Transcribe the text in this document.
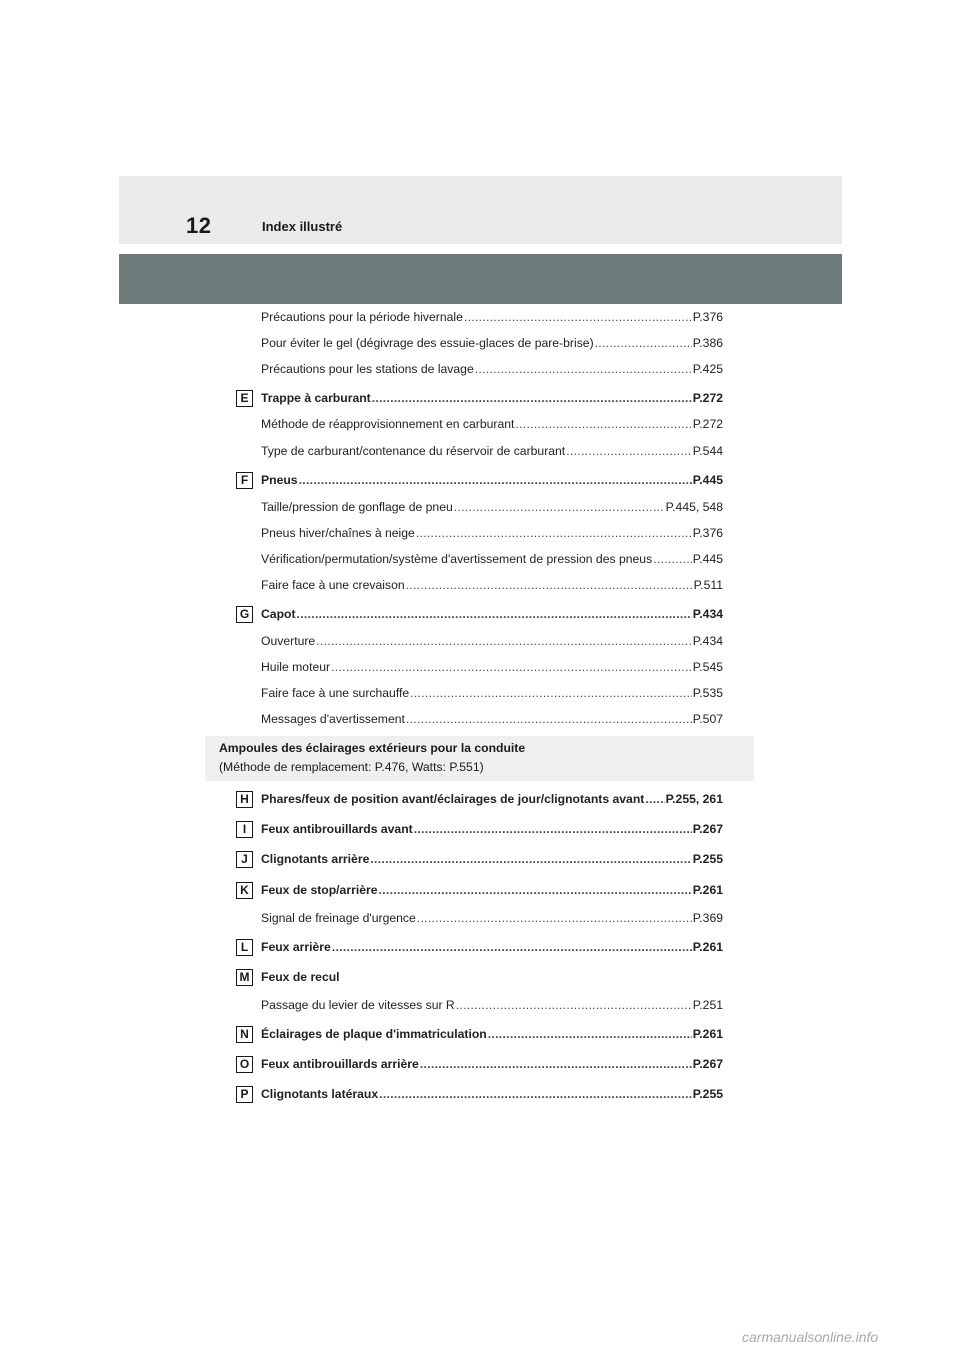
12	Index illustré
Ampoules des éclairages extérieurs pour la conduite
(Méthode de remplacement: P.476, Watts: P.551)
Précautions pour la période hivernale .....	P.376
Pour éviter le gel (dégivrage des essuie-glaces de pare-brise) .....	P.386
Précautions pour les stations de lavage .....	P.425
E	Trappe à carburant .....	P.272
Méthode de réapprovisionnement en carburant .....	P.272
Type de carburant/contenance du réservoir de carburant .....	P.544
F	Pneus .....	P.445
Taille/pression de gonflage de pneu .....	P.445, 548
Pneus hiver/chaînes à neige .....	P.376
Vérification/permutation/système d'avertissement de pression des pneus .....	P.445
Faire face à une crevaison .....	P.511
G Capot .....	P.434
Ouverture .....	P.434
Huile moteur .....	P.545
Faire face à une surchauffe .....	P.535
Messages d'avertissement .....	P.507
H Phares/feux de position avant/éclairages de jour/clignotants avant ..... P.255, 261
I	Feux antibrouillards avant .....	P.267
J	Clignotants arrière .....	P.255
K Feux de stop/arrière .....	P.261
Signal de freinage d'urgence .....	P.369
L	Feux arrière .....	P.261
M Feux de recul
Passage du levier de vitesses sur R .....	P.251
N Éclairages de plaque d'immatriculation .....	P.261
O Feux antibrouillards arrière .....	P.267
P	Clignotants latéraux .....	P.255
carmanualsonline.info
